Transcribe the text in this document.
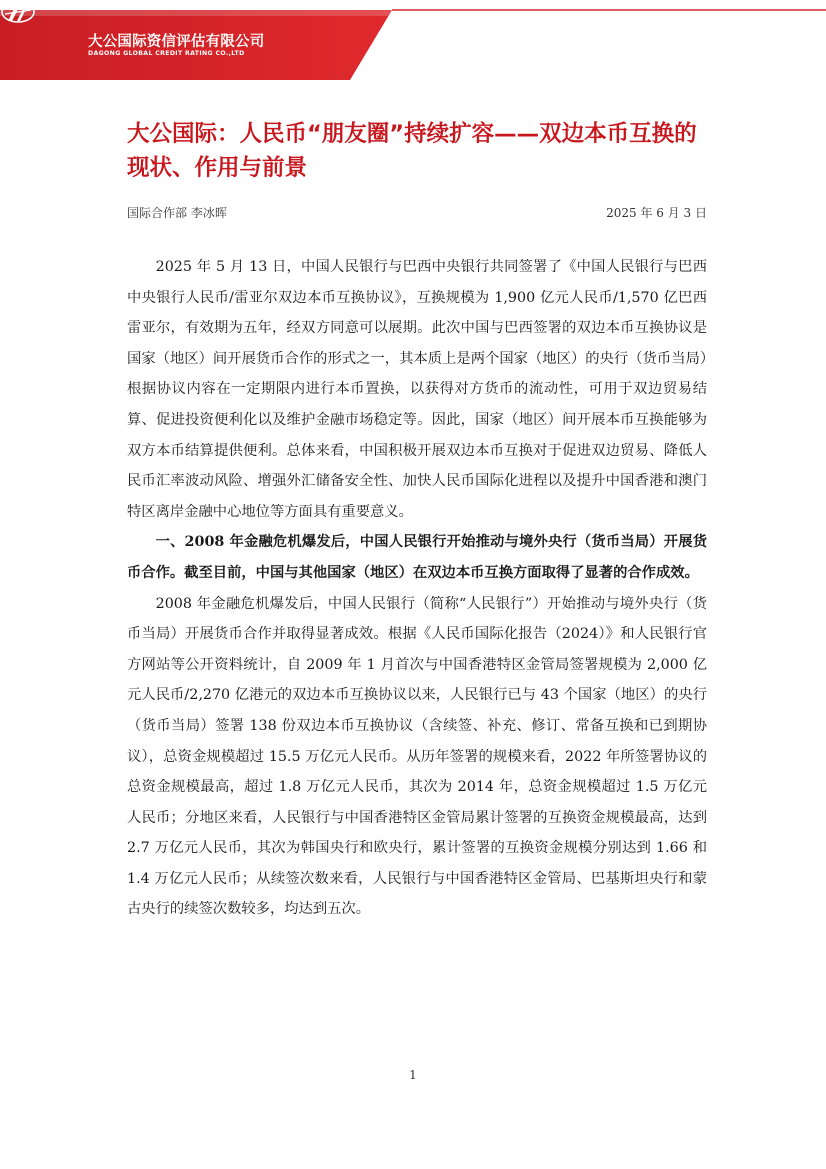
大公国际资信评估有限公司
DAGONG GLOBAL CREDIT RATING CO.,LTD
大公国际：人民币“朋友圈”持续扩容——双边本币互换的现状、作用与前景
国际合作部 李冰晖	2025 年 6 月 3 日

2025 年 5 月 13 日，中国人民银行与巴西中央银行共同签署了《中国人民银行与巴西中央银行人民币/雷亚尔双边本币互换协议》，互换规模为 1,900 亿元人民币/1,570 亿巴西雷亚尔，有效期为五年，经双方同意可以展期。此次中国与巴西签署的双边本币互换协议是国家（地区）间开展货币合作的形式之一，其本质上是两个国家（地区）的央行（货币当局）根据协议内容在一定期限内进行本币置换，以获得对方货币的流动性，可用于双边贸易结算、促进投资便利化以及维护金融市场稳定等。因此，国家（地区）间开展本币互换能够为双方本币结算提供便利。总体来看，中国积极开展双边本币互换对于促进双边贸易、降低人民币汇率波动风险、增强外汇储备安全性、加快人民币国际化进程以及提升中国香港和澳门特区离岸金融中心地位等方面具有重要意义。

一、2008 年金融危机爆发后，中国人民银行开始推动与境外央行（货币当局）开展货币合作。截至目前，中国与其他国家（地区）在双边本币互换方面取得了显著的合作成效。

2008 年金融危机爆发后，中国人民银行（简称“人民银行”）开始推动与境外央行（货币当局）开展货币合作并取得显著成效。根据《人民币国际化报告（2024）》和人民银行官方网站等公开资料统计，自 2009 年 1 月首次与中国香港特区金管局签署规模为 2,000 亿元人民币/2,270 亿港元的双边本币互换协议以来，人民银行已与 43 个国家（地区）的央行（货币当局）签署 138 份双边本币互换协议（含续签、补充、修订、常备互换和已到期协议），总资金规模超过 15.5 万亿元人民币。从历年签署的规模来看，2022 年所签署协议的总资金规模最高，超过 1.8 万亿元人民币，其次为 2014 年，总资金规模超过 1.5 万亿元人民币；分地区来看，人民银行与中国香港特区金管局累计签署的互换资金规模最高，达到 2.7 万亿元人民币，其次为韩国央行和欧央行，累计签署的互换资金规模分别达到 1.66 和 1.4 万亿元人民币；从续签次数来看，人民银行与中国香港特区金管局、巴基斯坦央行和蒙古央行的续签次数较多，均达到五次。

1
